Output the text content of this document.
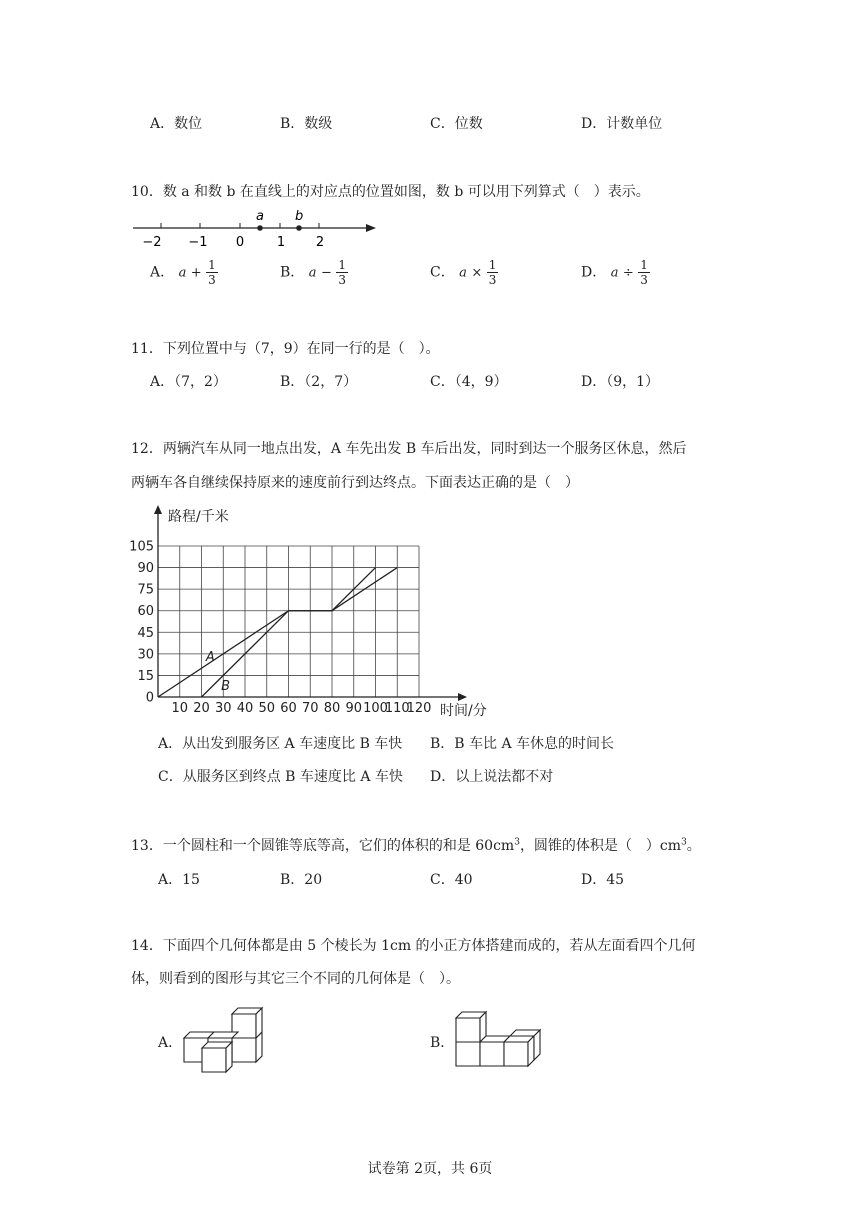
A．数位	B．数级	C．位数	D．计数单位
10．数 a 和数 b 在直线上的对应点的位置如图，数 b 可以用下列算式（　）表示。
a b
−2 −1 0	1 2
A． $a + \frac{1}{3}$	B． $a - \frac{1}{3}$	C． $a \times \frac{1}{3}$	D． $a \div \frac{1}{3}$
11．下列位置中与（7，9）在同一行的是（　）。
A．（7，2）	B．（2，7）	C．（4，9）	D．（9，1）
12．两辆汽车从同一地点出发，A 车先出发 B 车后出发，同时到达一个服务区休息，然后
两辆车各自继续保持原来的速度前行到达终点。下面表达正确的是（　）
10 20 30 40 50 60 70 80 90 100
110
120
0
15
30
45
60
75
90
105
路程/千米
时间/分
A
B
A．从出发到服务区 A 车速度比 B 车快 B．B 车比 A 车休息的时间长
C．从服务区到终点 B 车速度比 A 车快 D．以上说法都不对
13．一个圆柱和一个圆锥等底等高，它们的体积的和是 $60cm^3$，圆锥的体积是（　）$cm^3$。
A．15	B．20	C．40	D．45
14．下面四个几何体都是由 5 个棱长为 1cm 的小正方体搭建而成的，若从左面看四个几何
体，则看到的图形与其它三个不同的几何体是（　）。
A．	B．
试卷第 2页，共 6页
